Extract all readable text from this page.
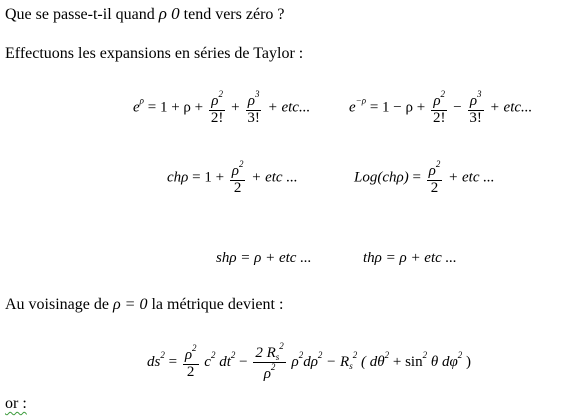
Que se passe-t-il quand ρ 0 tend vers zéro ?
Effectuons les expansions en séries de Taylor :
$e^\rho = 1 + \rho + \frac{\rho^2}{2!} + \frac{\rho^3}{3!}$ + etc...	$e^{-\rho} = 1 - \rho + \frac{\rho^2}{2!} - \frac{\rho^3}{3!}$ + etc...
$ch\rho = 1 + \frac{\rho^2}{2}$ + etc ...	$Log(ch\rho) = \frac{\rho^2}{2}$ + etc ...
shρ = ρ + etc ...	thρ = ρ + etc ...
Au voisinage de ρ = 0 la métrique devient :
$ds^2 = \frac{\rho^2}{2} c^2$ $dt^2 - \frac{2 R_s^2}{\rho^2} \rho^2d\rho^2 - R_s^2$ ( $d\theta^2 + \sin^2 \theta$ $d\varphi^2$ )
or :
